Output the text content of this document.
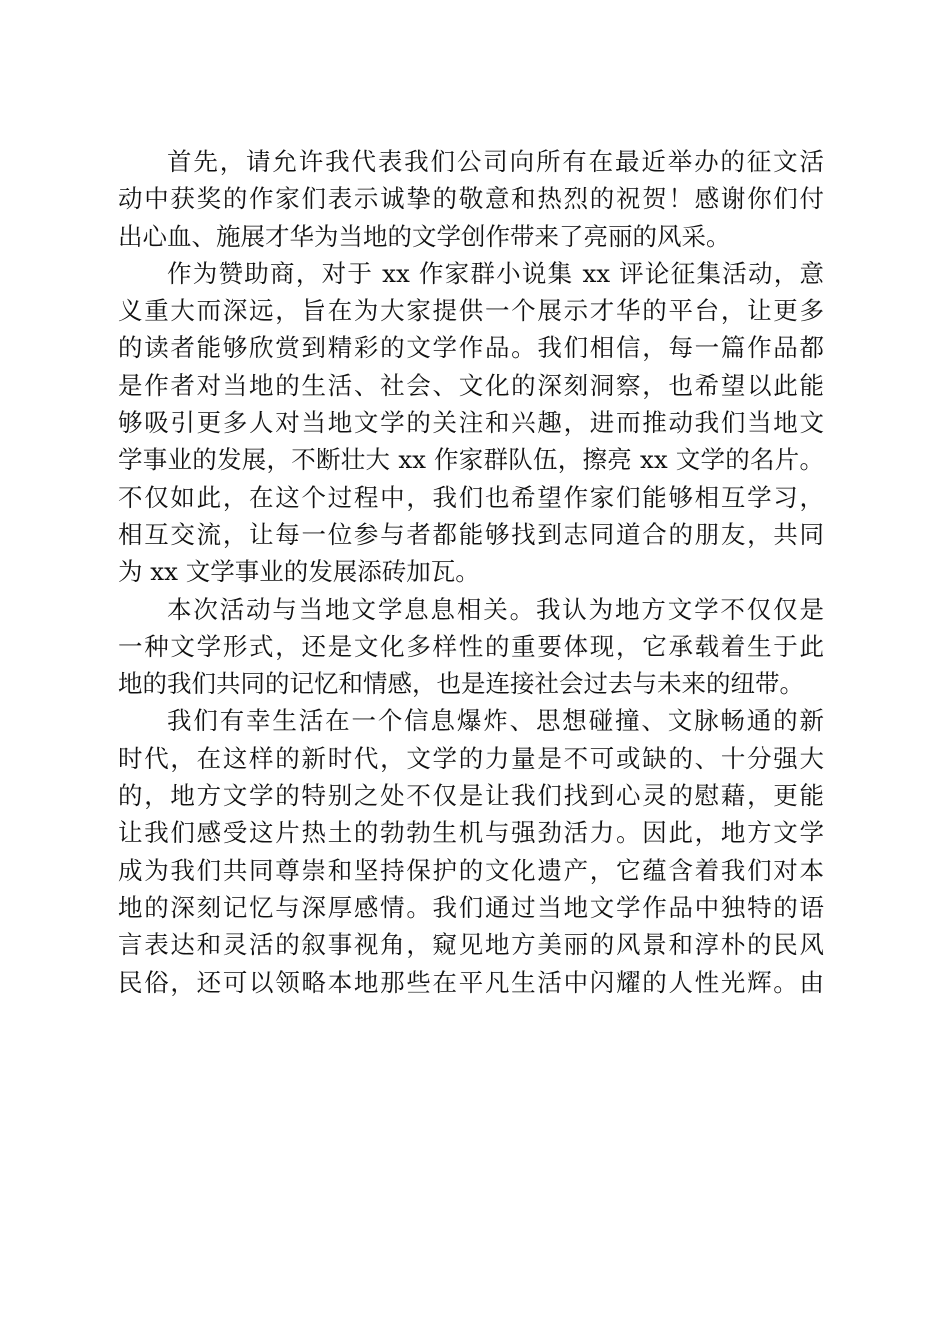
首先，请允许我代表我们公司向所有在最近举办的征文活
动中获奖的作家们表示诚挚的敬意和热烈的祝贺！感谢你们付
出心血、施展才华为当地的文学创作带来了亮丽的风采。
作为赞助商，对于 xx 作家群小说集 xx 评论征集活动，意
义重大而深远，旨在为大家提供一个展示才华的平台，让更多
的读者能够欣赏到精彩的文学作品。我们相信，每一篇作品都
是作者对当地的生活、社会、文化的深刻洞察，也希望以此能
够吸引更多人对当地文学的关注和兴趣，进而推动我们当地文
学事业的发展，不断壮大 xx 作家群队伍，擦亮 xx 文学的名片。
不仅如此，在这个过程中，我们也希望作家们能够相互学习，
相互交流，让每一位参与者都能够找到志同道合的朋友，共同
为 xx 文学事业的发展添砖加瓦。
本次活动与当地文学息息相关。我认为地方文学不仅仅是
一种文学形式，还是文化多样性的重要体现，它承载着生于此
地的我们共同的记忆和情感，也是连接社会过去与未来的纽带。
我们有幸生活在一个信息爆炸、思想碰撞、文脉畅通的新
时代，在这样的新时代，文学的力量是不可或缺的、十分强大
的，地方文学的特别之处不仅是让我们找到心灵的慰藉，更能
让我们感受这片热土的勃勃生机与强劲活力。因此，地方文学
成为我们共同尊崇和坚持保护的文化遗产，它蕴含着我们对本
地的深刻记忆与深厚感情。我们通过当地文学作品中独特的语
言表达和灵活的叙事视角，窥见地方美丽的风景和淳朴的民风
民俗，还可以领略本地那些在平凡生活中闪耀的人性光辉。由
